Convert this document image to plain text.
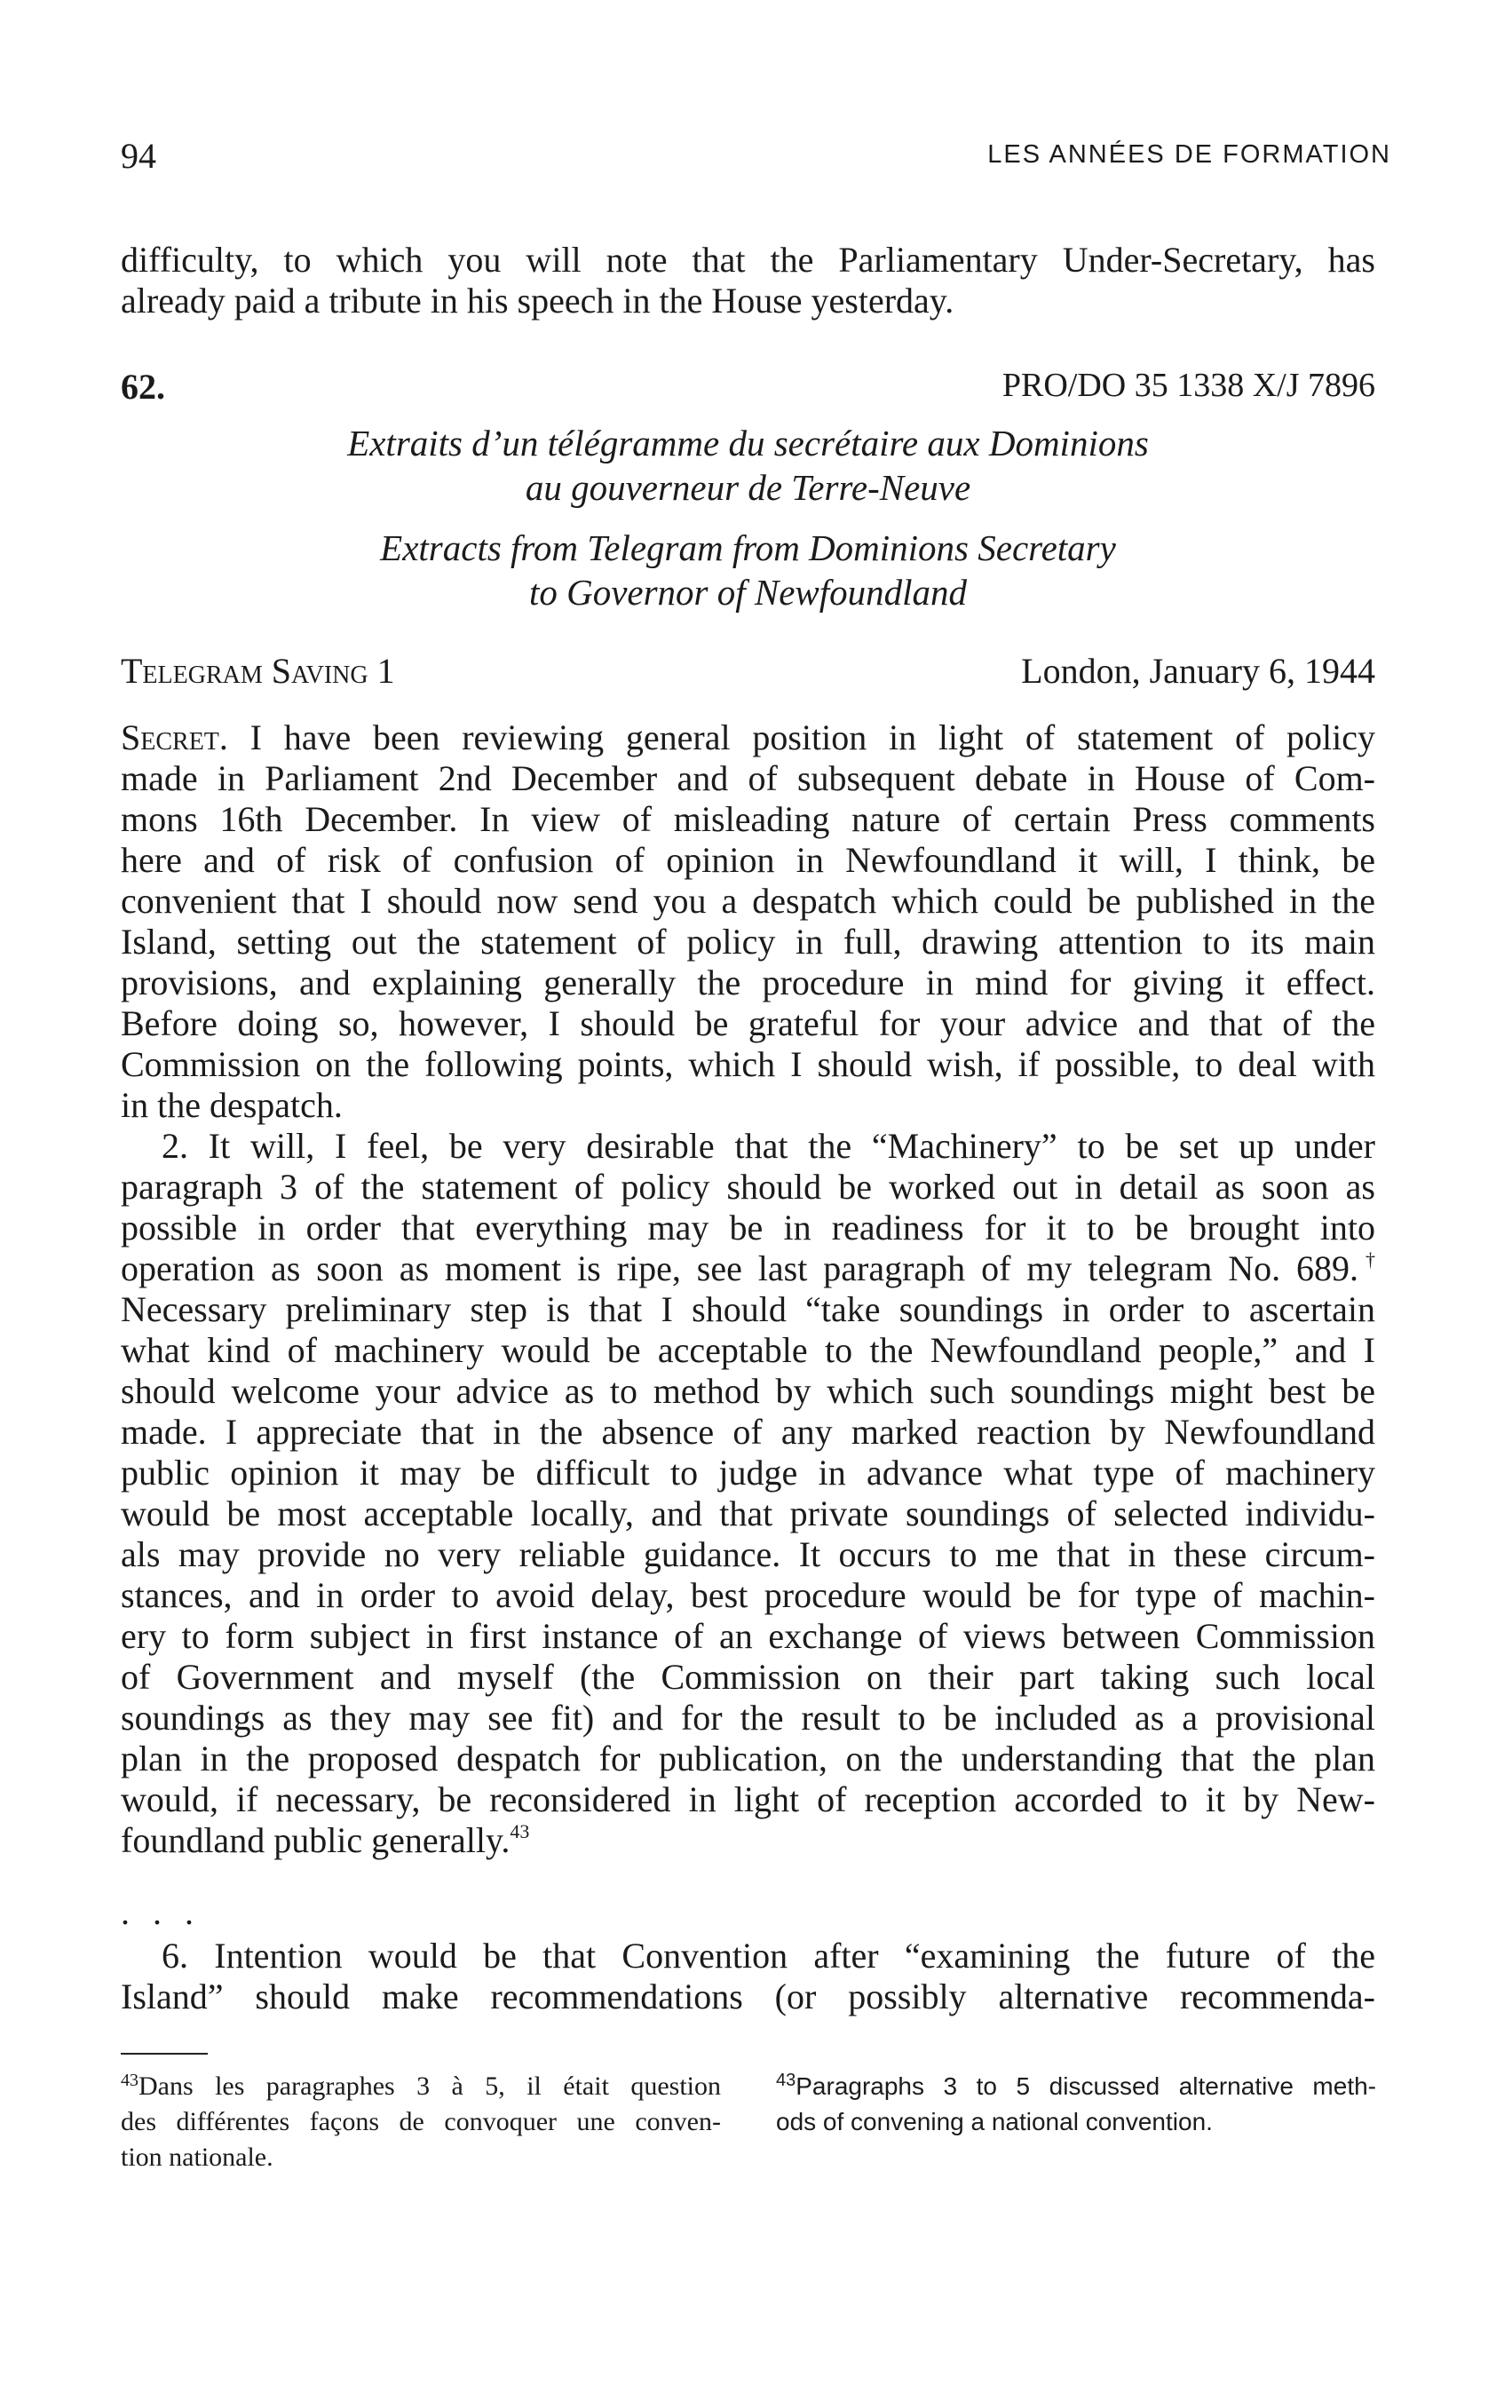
94	LES ANNÉES DE FORMATION
difficulty, to which you will note that the Parliamentary Under-Secretary, has
already paid a tribute in his speech in the House yesterday.
62.	PRO/DO 35 1338 X/J 7896
Extraits d’un télégramme du secrétaire aux Dominions
au gouverneur de Terre-Neuve
Extracts from Telegram from Dominions Secretary
to Governor of Newfoundland
Telegram Saving 1	London, January 6, 1944

Secret. I have been reviewing general position in light of statement of policy
made in Parliament 2nd December and of subsequent debate in House of Com-
mons 16th December. In view of misleading nature of certain Press comments
here and of risk of confusion of opinion in Newfoundland it will, I think, be
convenient that I should now send you a despatch which could be published in the
Island, setting out the statement of policy in full, drawing attention to its main
provisions, and explaining generally the procedure in mind for giving it effect.
Before doing so, however, I should be grateful for your advice and that of the
Commission on the following points, which I should wish, if possible, to deal with
in the despatch.

2. It will, I feel, be very desirable that the “Machinery” to be set up under
paragraph 3 of the statement of policy should be worked out in detail as soon as
possible in order that everything may be in readiness for it to be brought into
operation as soon as moment is ripe, see last paragraph of my telegram No. 689.†
Necessary preliminary step is that I should “take soundings in order to ascertain
what kind of machinery would be acceptable to the Newfoundland people,” and I
should welcome your advice as to method by which such soundings might best be
made. I appreciate that in the absence of any marked reaction by Newfoundland
public opinion it may be difficult to judge in advance what type of machinery
would be most acceptable locally, and that private soundings of selected individu-
als may provide no very reliable guidance. It occurs to me that in these circum-
stances, and in order to avoid delay, best procedure would be for type of machin-
ery to form subject in first instance of an exchange of views between Commission
of Government and myself (the Commission on their part taking such local
soundings as they may see fit) and for the result to be included as a provisional
plan in the proposed despatch for publication, on the understanding that the plan
would, if necessary, be reconsidered in light of reception accorded to it by New-
foundland public generally.$^{43}$

. . .
6. Intention would be that Convention after “examining the future of the
Island” should make recommendations (or possibly alternative recommenda-
$^{43}$Dans les paragraphes 3 à 5, il était question
des différentes façons de convoquer une conven-
tion nationale.
$^{43}$Paragraphs 3 to 5 discussed alternative meth-
ods of convening a national convention.
